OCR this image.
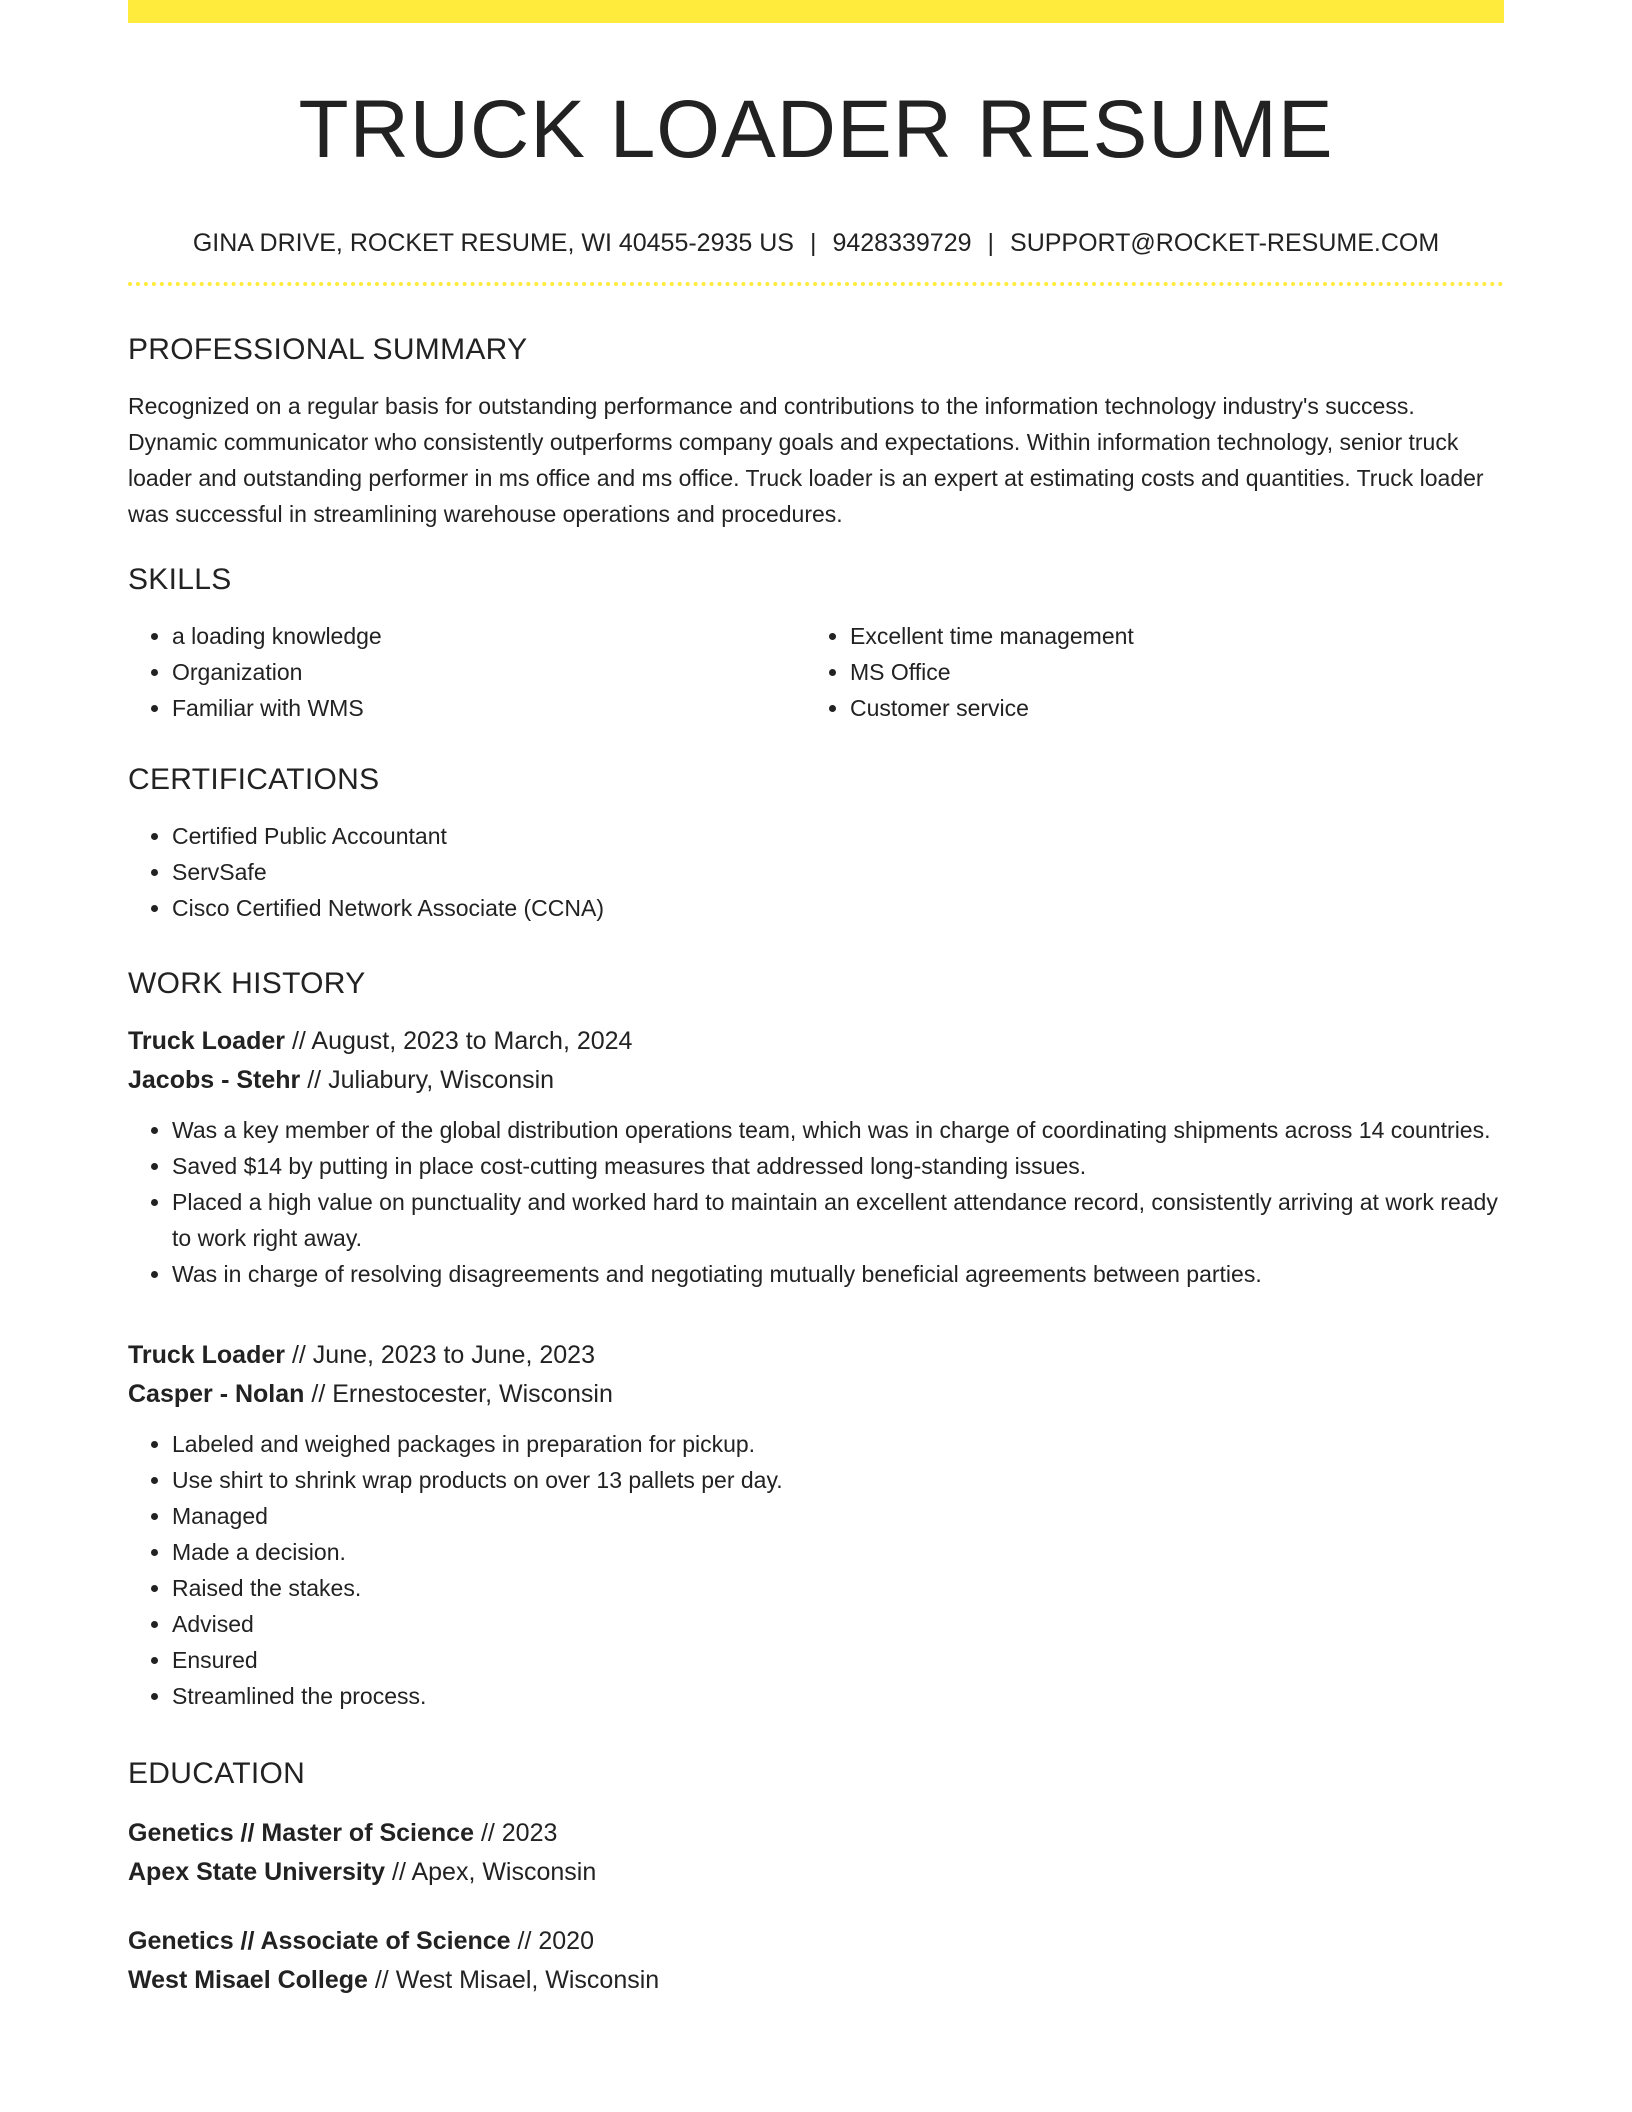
TRUCK LOADER RESUME
GINA DRIVE, ROCKET RESUME, WI 40455-2935 US | 9428339729 | SUPPORT@ROCKET-RESUME.COM
PROFESSIONAL SUMMARY

Recognized on a regular basis for outstanding performance and contributions to the information technology industry's success. Dynamic communicator who consistently outperforms company goals and expectations. Within information technology, senior truck loader and outstanding performer in ms office and ms office. Truck loader is an expert at estimating costs and quantities. Truck loader was successful in streamlining warehouse operations and procedures.

SKILLS
• a loading knowledge
• Organization
• Familiar with WMS
• Excellent time management
• MS Office
• Customer service
CERTIFICATIONS
• Certified Public Accountant
• ServSafe
• Cisco Certified Network Associate (CCNA)
WORK HISTORY
Truck Loader // August, 2023 to March, 2024
Jacobs - Stehr // Juliabury, Wisconsin
• Was a key member of the global distribution operations team, which was in charge of coordinating shipments across 14 countries.
• Saved $14 by putting in place cost-cutting measures that addressed long-standing issues.
• Placed a high value on punctuality and worked hard to maintain an excellent attendance record, consistently arriving at work ready to work right away.
• Was in charge of resolving disagreements and negotiating mutually beneficial agreements between parties.
Truck Loader // June, 2023 to June, 2023
Casper - Nolan // Ernestocester, Wisconsin
• Labeled and weighed packages in preparation for pickup.
• Use shirt to shrink wrap products on over 13 pallets per day.
• Managed
• Made a decision.
• Raised the stakes.
• Advised
• Ensured
• Streamlined the process.
EDUCATION
Genetics // Master of Science // 2023
Apex State University // Apex, Wisconsin
Genetics // Associate of Science // 2020
West Misael College // West Misael, Wisconsin
